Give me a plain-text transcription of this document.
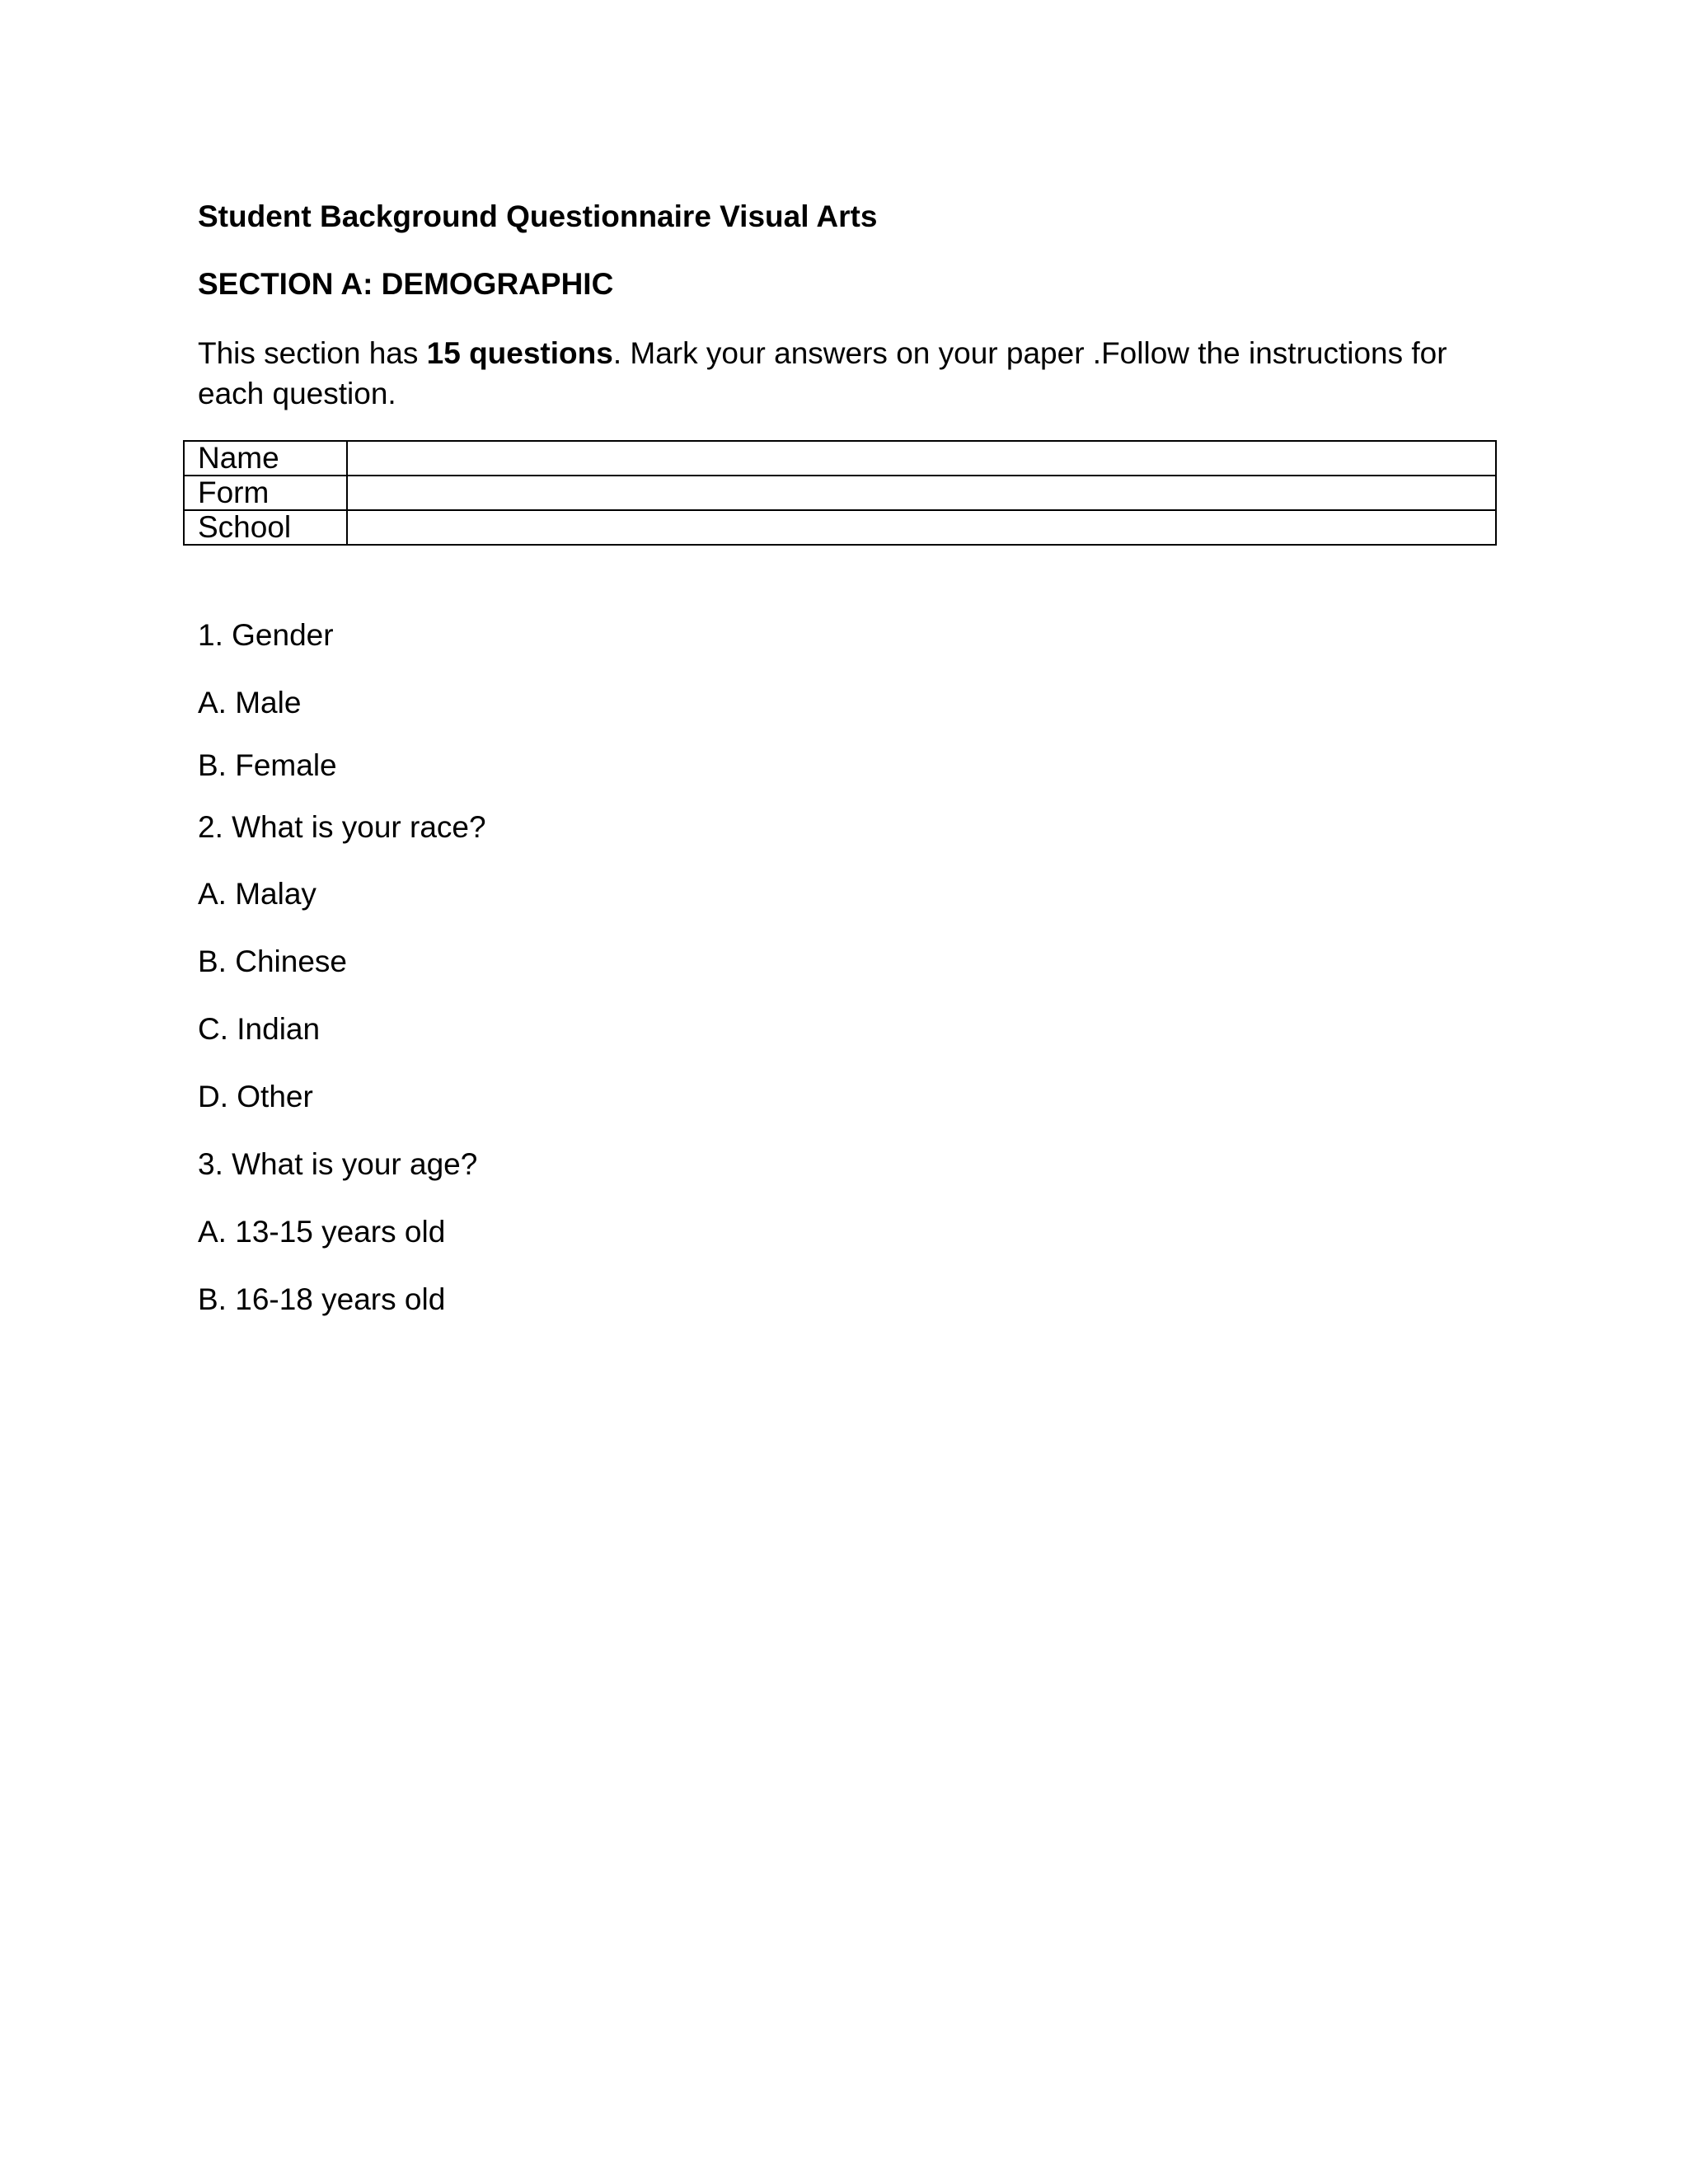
Student Background Questionnaire Visual Arts
SECTION A: DEMOGRAPHIC

This section has 15 questions. Mark your answers on your paper .Follow the instructions for each question.

Name	
Form	
School	
1. Gender
A. Male
B. Female
2. What is your race?
A. Malay
B. Chinese
C. Indian
D. Other
3. What is your age?
A. 13-15 years old
B. 16-18 years old
